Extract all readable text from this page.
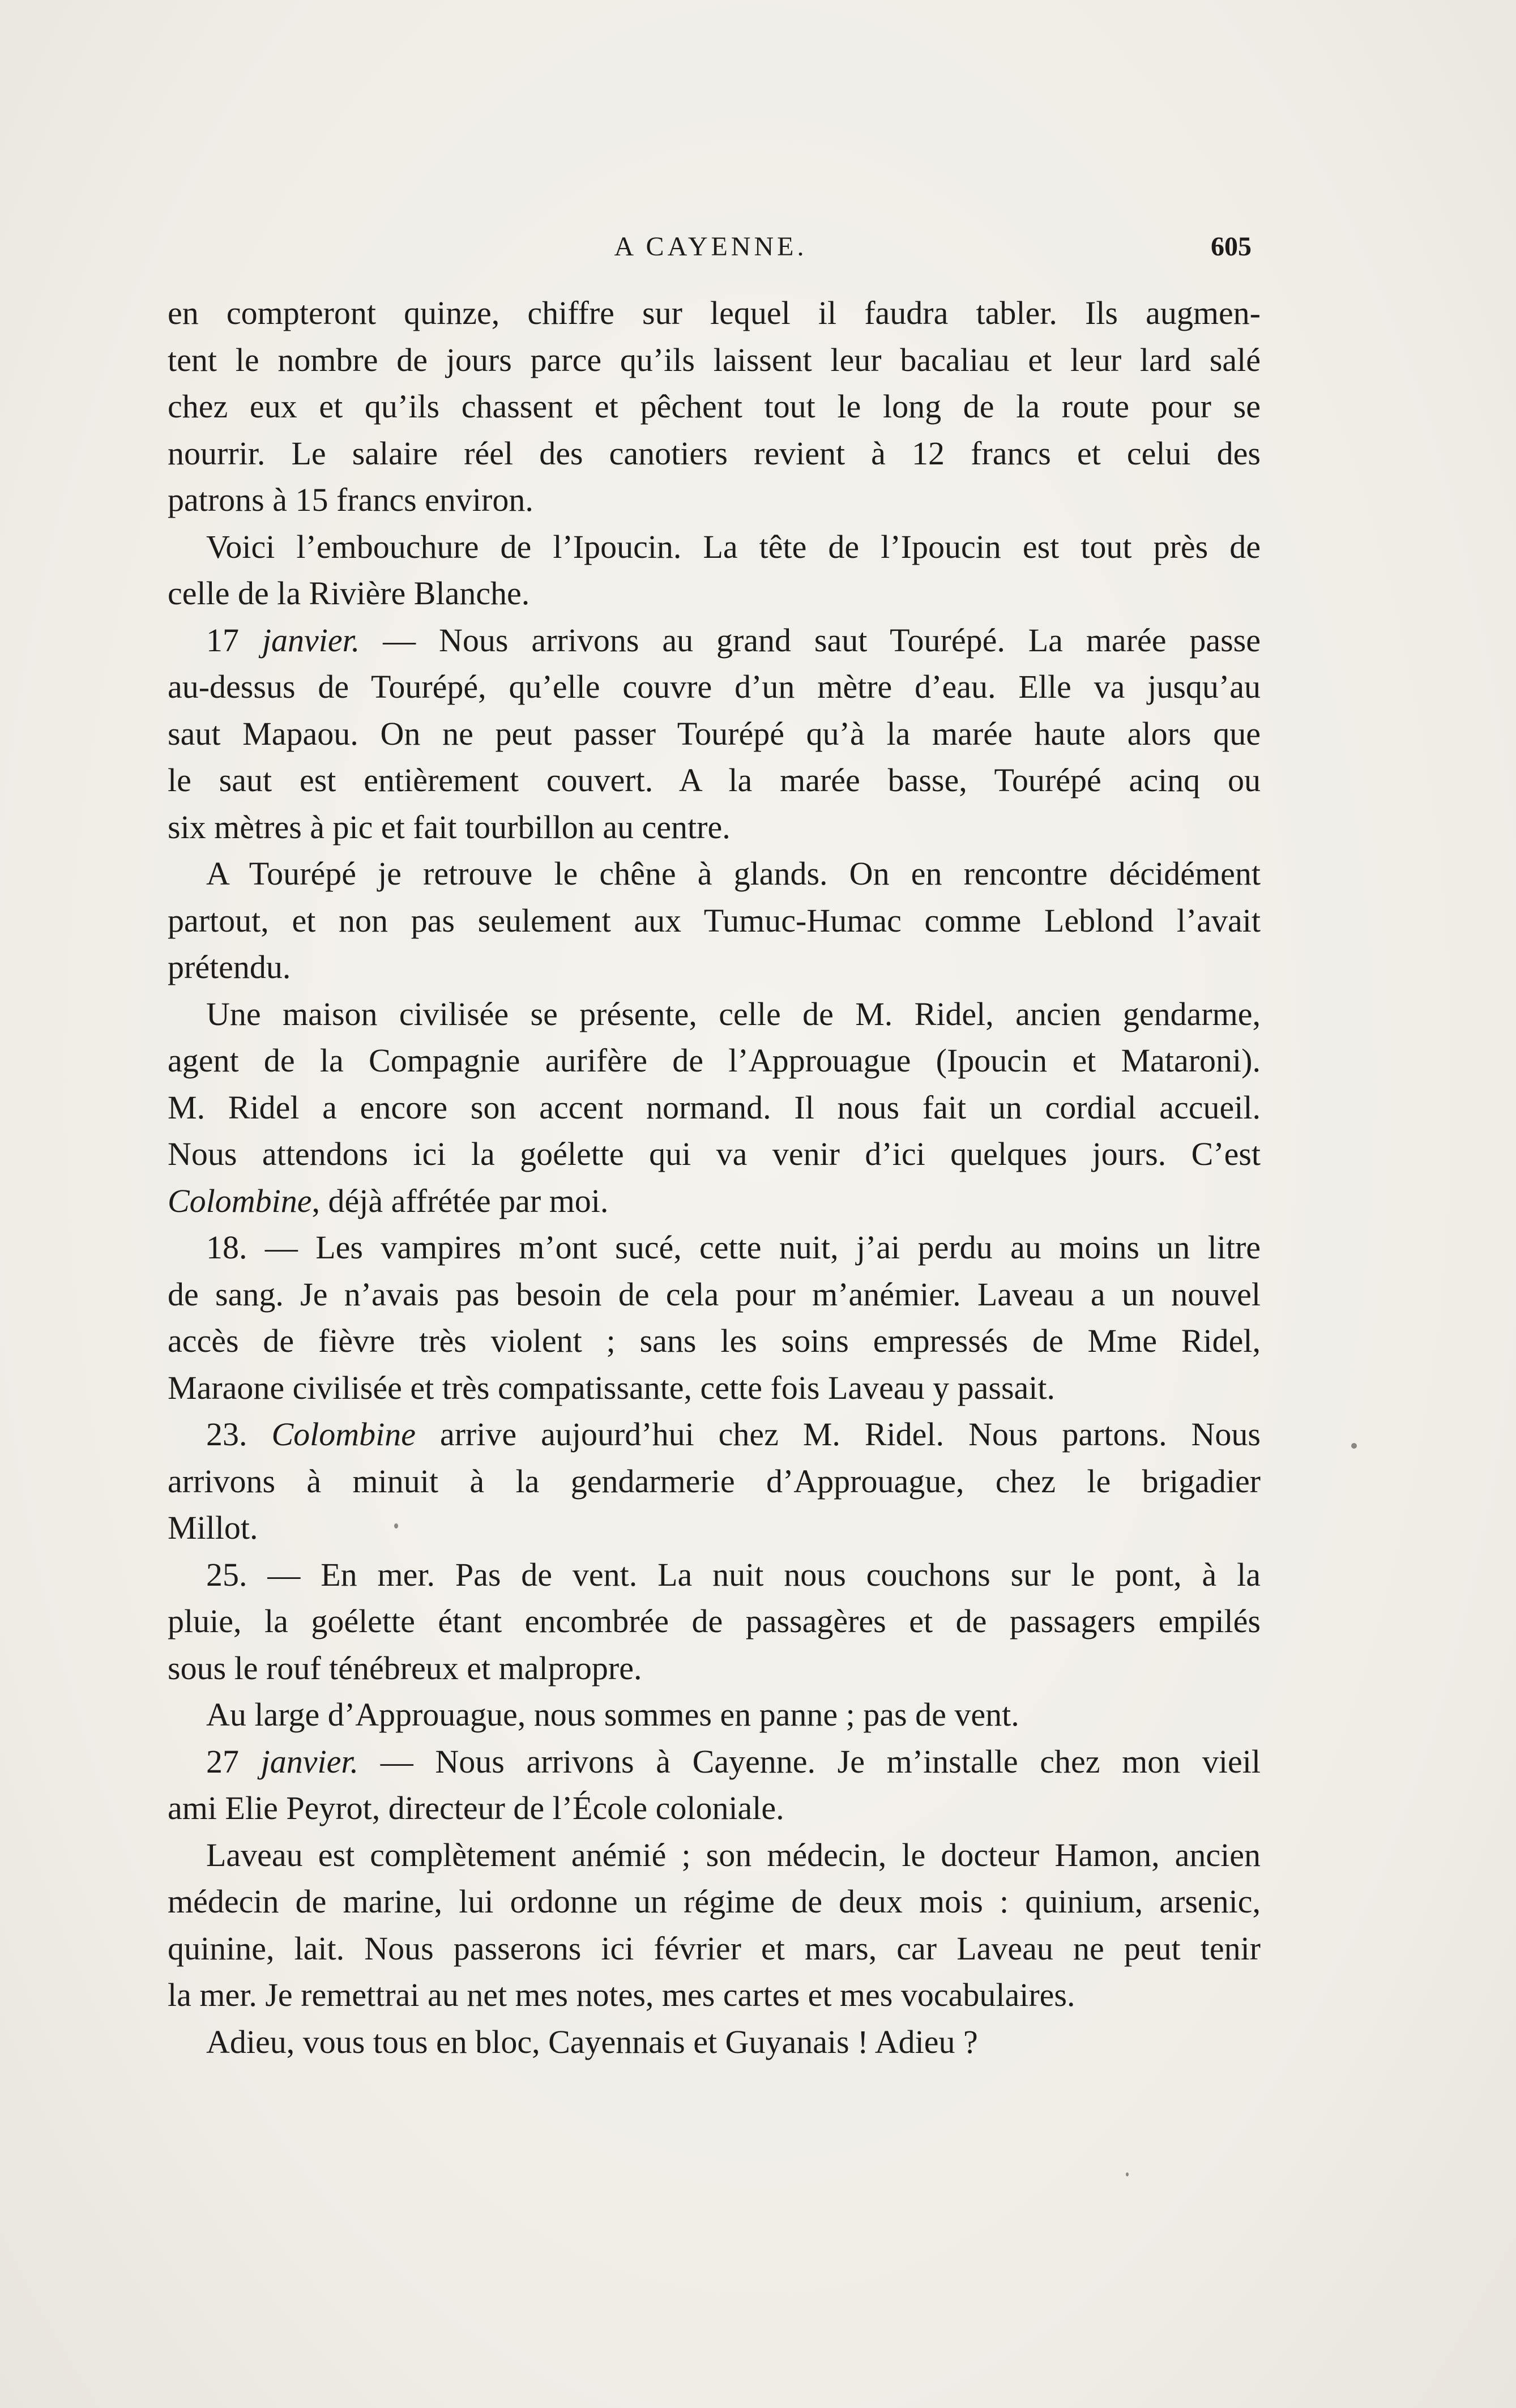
A CAYENNE.	605
en compteront quinze, chiffre sur lequel il faudra tabler. Ils augmen-
tent le nombre de jours parce qu’ils laissent leur bacaliau et leur lard salé
chez eux et qu’ils chassent et pêchent tout le long de la route pour se
nourrir. Le salaire réel des canotiers revient à 12 francs et celui des
patrons à 15 francs environ.
Voici l’embouchure de l’Ipoucin. La tête de l’Ipoucin est tout près de
celle de la Rivière Blanche.
17 janvier. — Nous arrivons au grand saut Tourépé. La marée passe
au-dessus de Tourépé, qu’elle couvre d’un mètre d’eau. Elle va jusqu’au
saut Mapaou. On ne peut passer Tourépé qu’à la marée haute alors que
le saut est entièrement couvert. A la marée basse, Tourépé acinq ou
six mètres à pic et fait tourbillon au centre.
A Tourépé je retrouve le chêne à glands. On en rencontre décidément
partout, et non pas seulement aux Tumuc-Humac comme Leblond l’avait
prétendu.
Une maison civilisée se présente, celle de M. Ridel, ancien gendarme,
agent de la Compagnie aurifère de l’Approuague (Ipoucin et Mataroni).
M. Ridel a encore son accent normand. Il nous fait un cordial accueil.
Nous attendons ici la goélette qui va venir d’ici quelques jours. C’est
Colombine, déjà affrétée par moi.
18. — Les vampires m’ont sucé, cette nuit, j’ai perdu au moins un litre
de sang. Je n’avais pas besoin de cela pour m’anémier. Laveau a un nouvel
accès de fièvre très violent ; sans les soins empressés de Mme Ridel,
Maraone civilisée et très compatissante, cette fois Laveau y passait.
23. Colombine arrive aujourd’hui chez M. Ridel. Nous partons. Nous
arrivons à minuit à la gendarmerie d’Approuague, chez le brigadier
Millot.
25. — En mer. Pas de vent. La nuit nous couchons sur le pont, à la
pluie, la goélette étant encombrée de passagères et de passagers empilés
sous le rouf ténébreux et malpropre.
Au large d’Approuague, nous sommes en panne ; pas de vent.
27 janvier. — Nous arrivons à Cayenne. Je m’installe chez mon vieil
ami Elie Peyrot, directeur de l’École coloniale.
Laveau est complètement anémié ; son médecin, le docteur Hamon, ancien
médecin de marine, lui ordonne un régime de deux mois : quinium, arsenic,
quinine, lait. Nous passerons ici février et mars, car Laveau ne peut tenir
la mer. Je remettrai au net mes notes, mes cartes et mes vocabulaires.
Adieu, vous tous en bloc, Cayennais et Guyanais ! Adieu ?
